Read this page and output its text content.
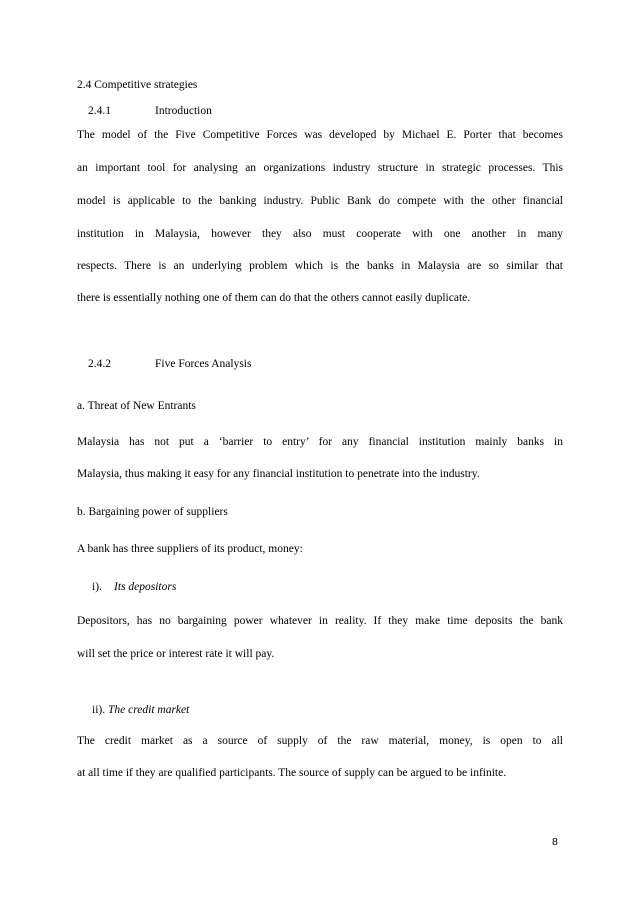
2.4 Competitive strategies
2.4.1	Introduction
The model of the Five Competitive Forces was developed by Michael E. Porter that becomes
an important tool for analysing an organizations industry structure in strategic processes. This
model is applicable to the banking industry. Public Bank do compete with the other financial
institution in Malaysia, however they also must cooperate with one another in many
respects. There is an underlying problem which is the banks in Malaysia are so similar that
there is essentially nothing one of them can do that the others cannot easily duplicate.
2.4.2	Five Forces Analysis
a. Threat of New Entrants
Malaysia has not put a ‘barrier to entry’ for any financial institution mainly banks in
Malaysia, thus making it easy for any financial institution to penetrate into the industry.
b. Bargaining power of suppliers
A bank has three suppliers of its product, money:
i). Its depositors
Depositors, has no bargaining power whatever in reality. If they make time deposits the bank
will set the price or interest rate it will pay.
ii). The credit market
The credit market as a source of supply of the raw material, money, is open to all
at all time if they are qualified participants. The source of supply can be argued to be infinite.
8
